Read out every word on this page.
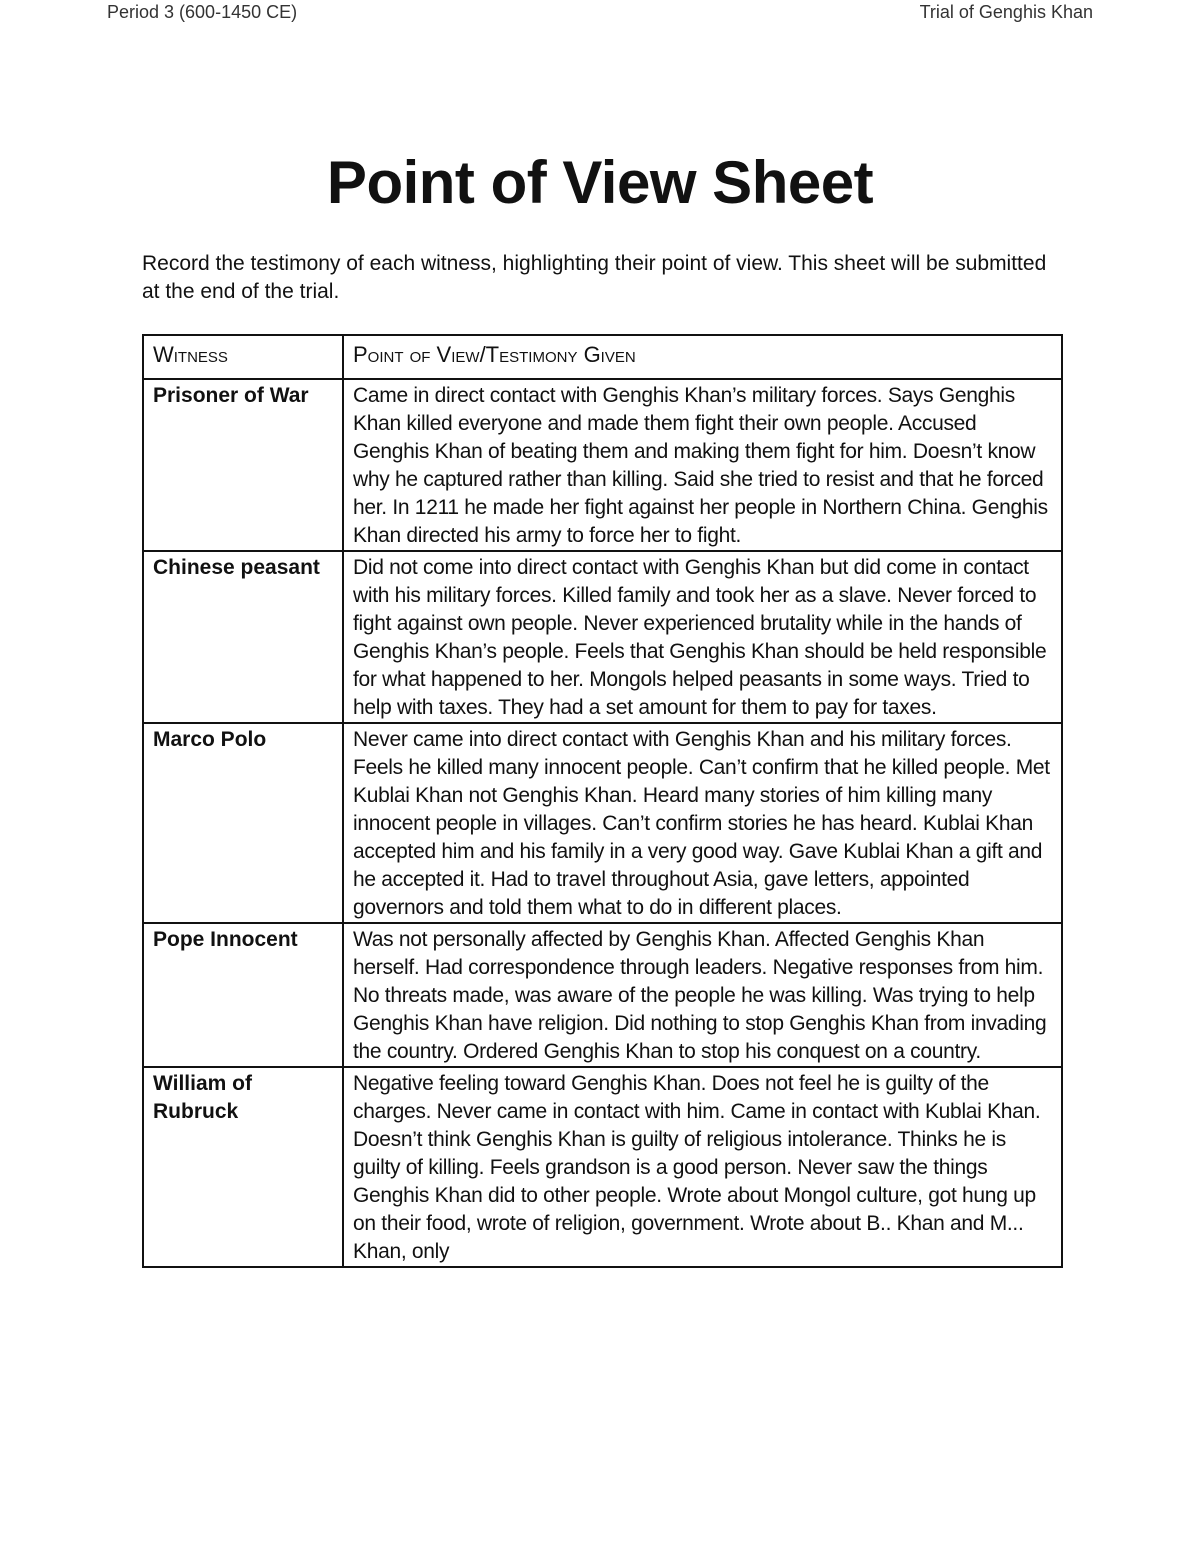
Period 3 (600-1450 CE)	Trial of Genghis Khan
Point of View Sheet

Record the testimony of each witness, highlighting their point of view. This sheet will be submitted at the end of the trial.

Witness	Point of View/Testimony Given
Prisoner of War	Came in direct contact with Genghis Khan’s military forces. Says Genghis Khan killed everyone and made them fight their own people. Accused Genghis Khan of beating them and making them fight for him. Doesn’t know why he captured rather than killing. Said she tried to resist and that he forced her. In 1211 he made her fight against her people in Northern China. Genghis Khan directed his army to force her to fight.
Chinese peasant	Did not come into direct contact with Genghis Khan but did come in contact with his military forces. Killed family and took her as a slave. Never forced to fight against own people. Never experienced brutality while in the hands of Genghis Khan’s people. Feels that Genghis Khan should be held responsible for what happened to her. Mongols helped peasants in some ways. Tried to help with taxes. They had a set amount for them to pay for taxes.
Marco Polo	Never came into direct contact with Genghis Khan and his military forces. Feels he killed many innocent people. Can’t confirm that he killed people. Met Kublai Khan not Genghis Khan. Heard many stories of him killing many innocent people in villages. Can’t confirm stories he has heard. Kublai Khan accepted him and his family in a very good way. Gave Kublai Khan a gift and he accepted it. Had to travel throughout Asia, gave letters, appointed governors and told them what to do in different places.
Pope Innocent	Was not personally affected by Genghis Khan. Affected Genghis Khan herself. Had correspondence through leaders. Negative responses from him. No threats made, was aware of the people he was killing. Was trying to help Genghis Khan have religion. Did nothing to stop Genghis Khan from invading the country. Ordered Genghis Khan to stop his conquest on a country.
William of Rubruck	Negative feeling toward Genghis Khan. Does not feel he is guilty of the charges. Never came in contact with him. Came in contact with Kublai Khan. Doesn’t think Genghis Khan is guilty of religious intolerance. Thinks he is guilty of killing. Feels grandson is a good person. Never saw the things Genghis Khan did to other people. Wrote about Mongol culture, got hung up on their food, wrote of religion, government. Wrote about B.. Khan and M... Khan, only
